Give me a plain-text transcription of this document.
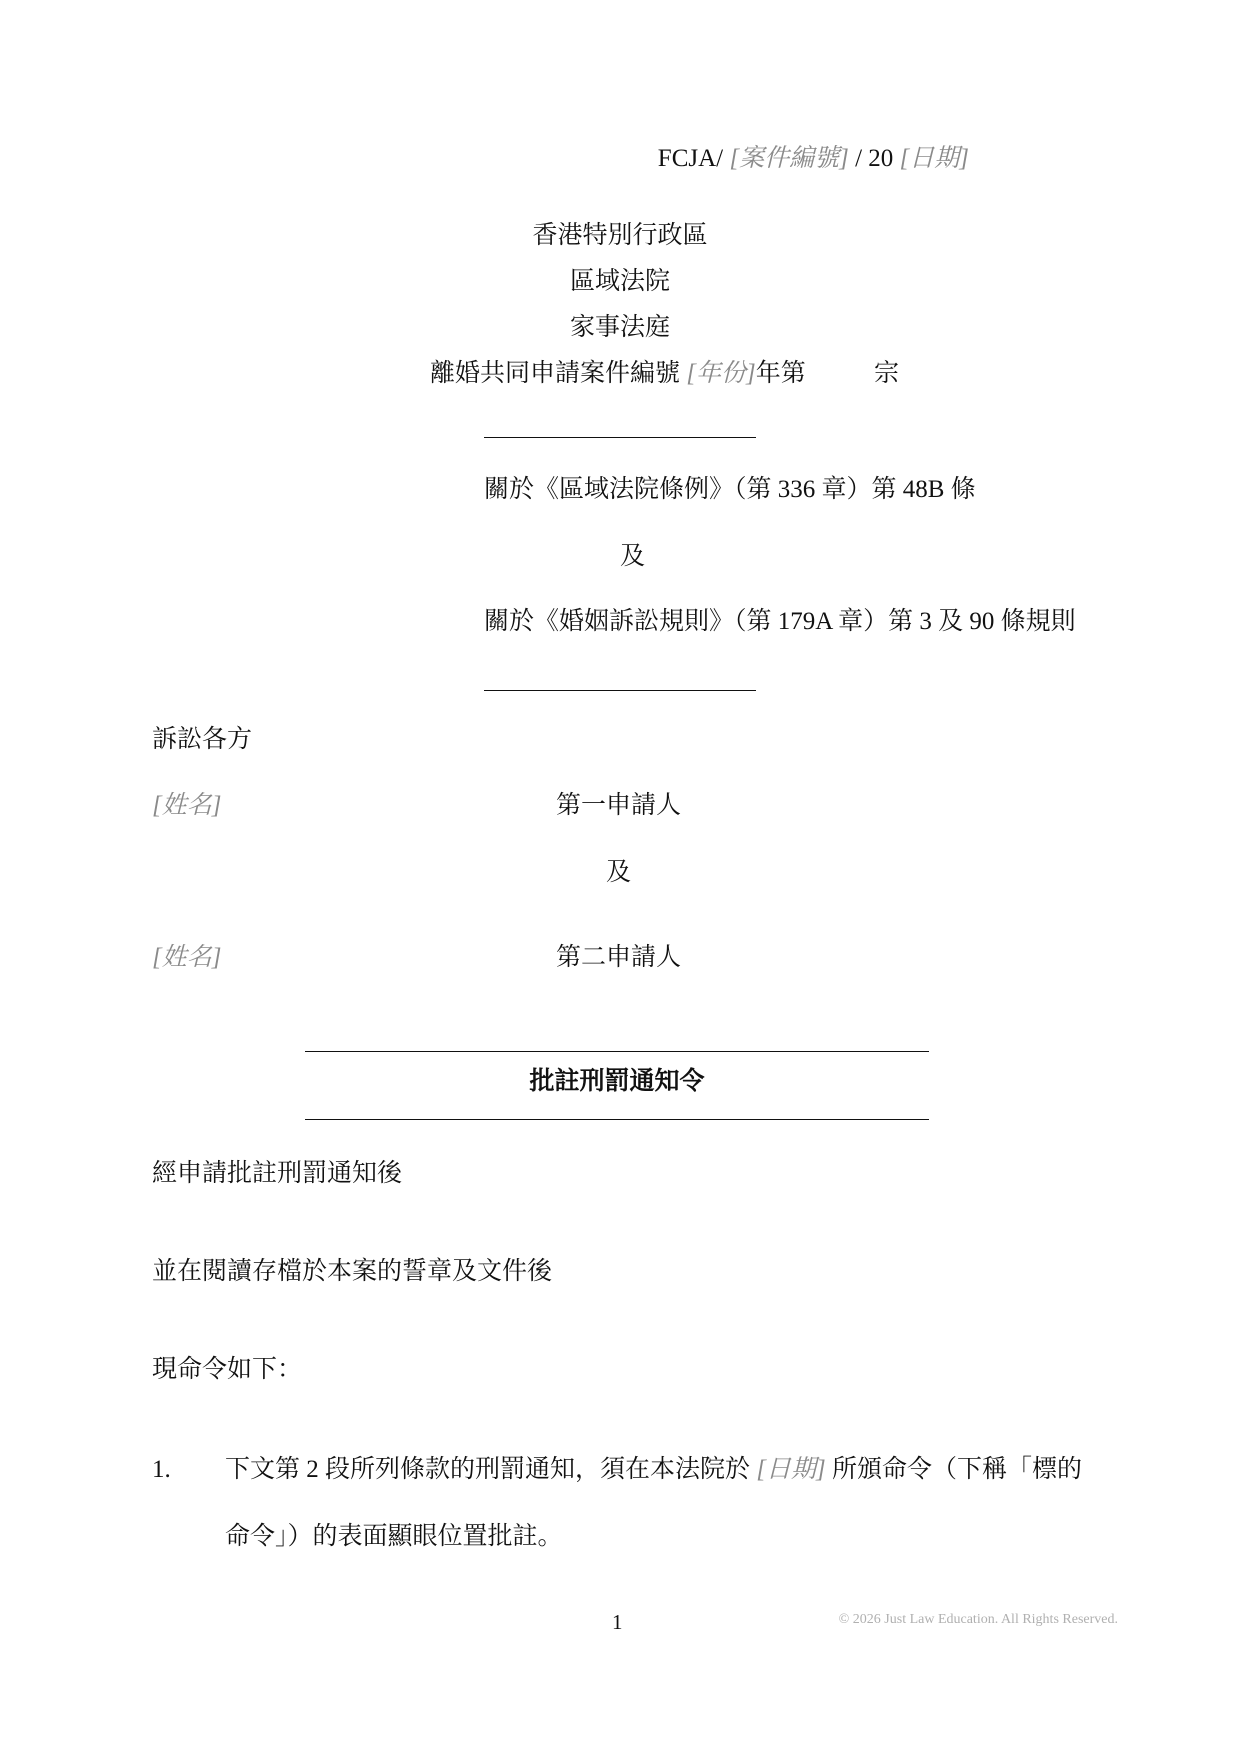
FCJA/ [案件編號] / 20 [日期]
香港特別行政區
區域法院
家事法庭
離婚共同申請案件編號 [年份]年第	宗
關於《區域法院條例》（第 336 章）第 48B 條
及
關於《婚姻訴訟規則》（第 179A 章）第 3 及 90 條規則
訴訟各方
[姓名]	第一申請人
及
[姓名]	第二申請人
批註刑罰通知令
經申請批註刑罰通知後
並在閱讀存檔於本案的誓章及文件後
現命令如下：
1. 下文第 2 段所列條款的刑罰通知，須在本法院於 [日期] 所頒命令（下稱「標的
命令」）的表面顯眼位置批註。
1	© 2026 Just Law Education. All Rights Reserved.
